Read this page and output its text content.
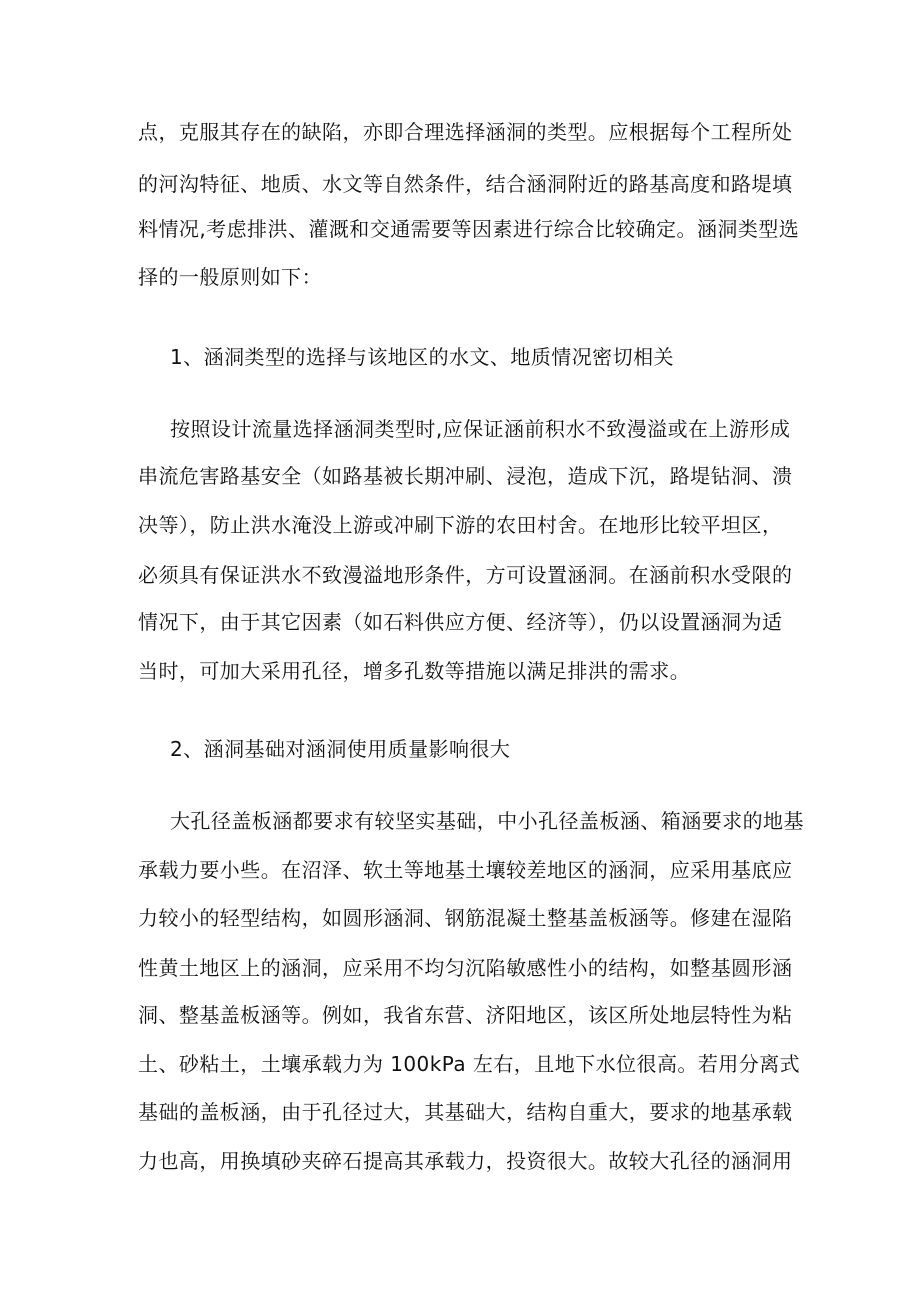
点，克服其存在的缺陷，亦即合理选择涵洞的类型。应根据每个工程所处
的河沟特征、地质、水文等自然条件，结合涵洞附近的路基高度和路堤填
料情况,考虑排洪、灌溉和交通需要等因素进行综合比较确定。涵洞类型选
择的一般原则如下：
1、涵洞类型的选择与该地区的水文、地质情况密切相关
按照设计流量选择涵洞类型时,应保证涵前积水不致漫溢或在上游形成
串流危害路基安全（如路基被长期冲刷、浸泡，造成下沉，路堤钻洞、溃
决等），防止洪水淹没上游或冲刷下游的农田村舍。在地形比较平坦区，
必须具有保证洪水不致漫溢地形条件，方可设置涵洞。在涵前积水受限的
情况下，由于其它因素（如石料供应方便、经济等），仍以设置涵洞为适
当时，可加大采用孔径，增多孔数等措施以满足排洪的需求。
2、涵洞基础对涵洞使用质量影响很大
大孔径盖板涵都要求有较坚实基础，中小孔径盖板涵、箱涵要求的地基
承载力要小些。在沼泽、软土等地基土壤较差地区的涵洞，应采用基底应
力较小的轻型结构，如圆形涵洞、钢筋混凝土整基盖板涵等。修建在湿陷
性黄土地区上的涵洞，应采用不均匀沉陷敏感性小的结构，如整基圆形涵
洞、整基盖板涵等。例如，我省东营、济阳地区，该区所处地层特性为粘
土、砂粘土，土壤承载力为 100kPa 左右，且地下水位很高。若用分离式
基础的盖板涵，由于孔径过大，其基础大，结构自重大，要求的地基承载
力也高，用换填砂夹碎石提高其承载力，投资很大。故较大孔径的涵洞用
